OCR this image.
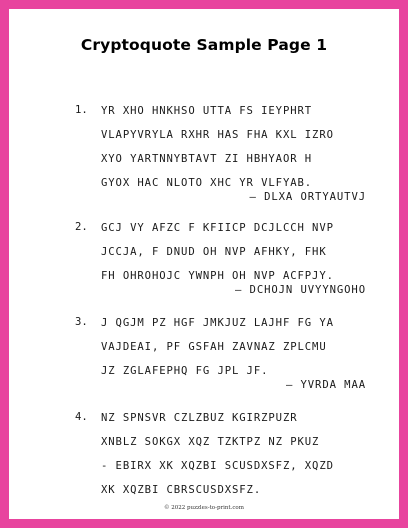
Cryptoquote Sample Page 1
1. YR XHO HNKHSO UTTA FS IEYPHRT
VLAPYVRYLA RXHR HAS FHA KXL IZRO
XYO YARTNNYBTAVT ZI HBHYAOR H
GYOX HAC NLOTO XHC YR VLFYAB.
— DLXA ORTYAUTVJ
2. GCJ VY AFZC F KFIICP DCJLCCH NVP
JCCJA, F DNUD OH NVP AFHKY, FHK
FH OHROHOJC YWNPH OH NVP ACFPJY.
— DCHOJN UVYYNGOHO
3. J QGJM PZ HGF JMKJUZ LAJHF FG YA
VAJDEAI, PF GSFAH ZAVNAZ ZPLCMU
JZ ZGLAFEPHQ FG JPL JF.
— YVRDA MAA
4. NZ SPNSVR CZLZBUZ KGIRZPUZR
XNBLZ SOKGX XQZ TZKTPZ NZ PKUZ
- EBIRX XK XQZBI SCUSDXSFZ, XQZD
XK XQZBI CBRSCUSDXSFZ.
© 2022 puzzles-to-print.com
